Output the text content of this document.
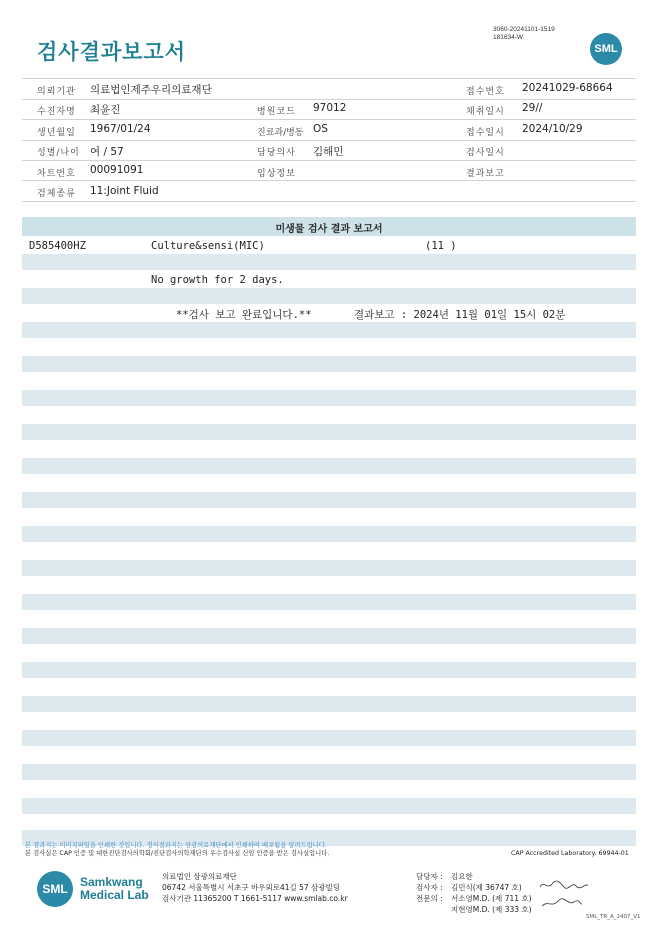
검사결과보고서
3060-20241101-1519
181634-W
SML
의뢰기관 의료법인제주우리의료재단	접수번호 20241029-68664
수진자명 최윤진	병원코드 97012	채취일시 29//
생년월일 1967/01/24	진료과/병동 OS	접수일시 2024/10/29
성별/나이 여 / 57	담당의사 김해민	검사일시
차트번호 00091091	임상정보	결과보고
검체종류 11:Joint Fluid
미생물 검사 결과 보고서
D585400HZ	Culture&sensi(MIC)	(11 )
No growth for 2 days.
**검사 보고 완료입니다.**	결과보고 : 2024년 11월 01일 15시 02분
본 결과지는 이미지파일을 인쇄한 것입니다. 정식결과지는 삼광의료재단에서 인쇄하여 배포됨을 알려드립니다.
본 검사실은 CAP 인증 및 대한진단검사의학회/진단검사의학재단의 우수검사실 신임 인증을 받은 검사실입니다.	CAP Accredited Laboratory. 69944-01
SML	Samkwang
Medical Lab
의료법인 삼광의료재단
06742 서울특별시 서초구 바우뫼로41길 57 삼광빌딩
검사기관 11365200 T 1661-5117 www.smlab.co.kr
담당자 : 김요한
검사자 : 김민식(제 36747 호)
전문의 : 서소영M.D. (제 711 호)
지현영M.D. (제 333 호)
SML_TR_A_2407_V1
